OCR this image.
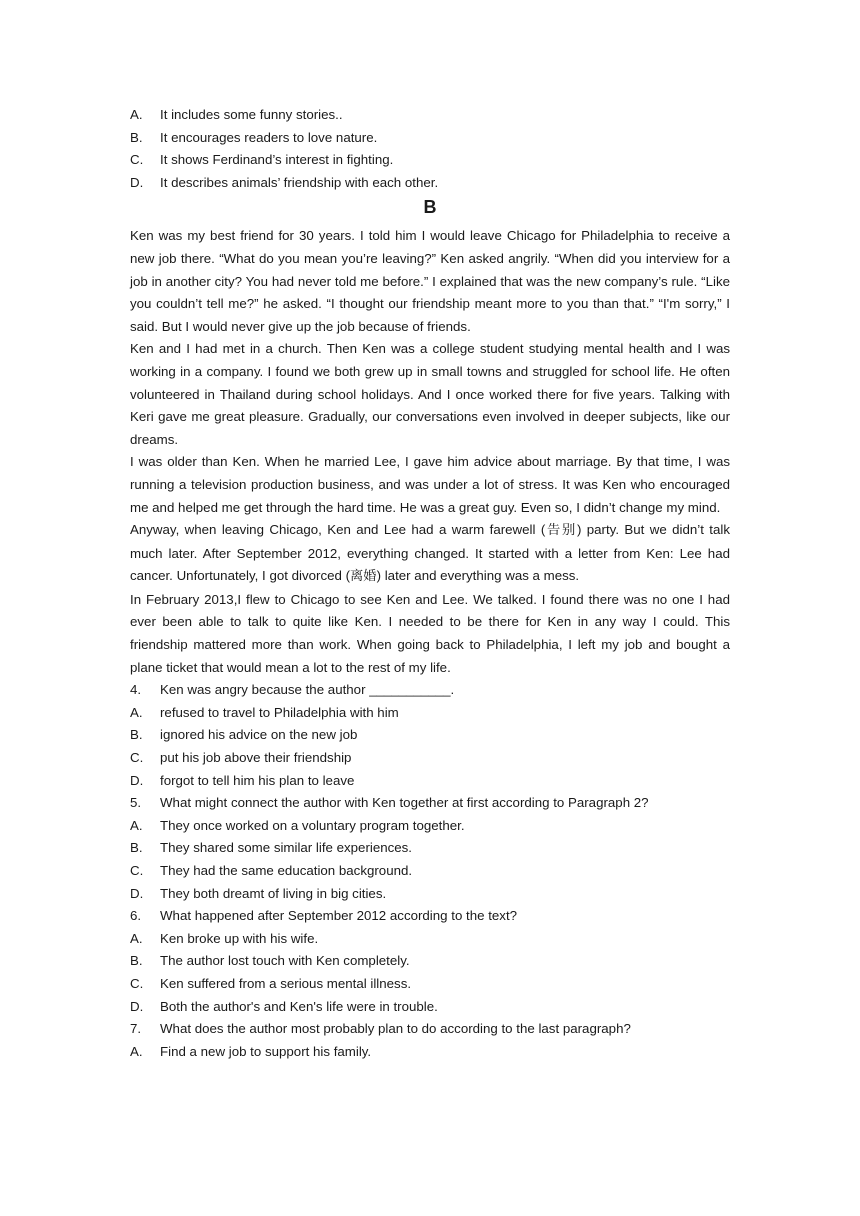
A.	It includes some funny stories..
B.	It encourages readers to love nature.
C.	It shows Ferdinand’s interest in fighting.
D.	It describes animals’ friendship with each other.
B
Ken was my best friend for 30 years. I told him I would leave Chicago for Philadelphia to receive a new job there. “What do you mean you’re leaving?” Ken asked angrily. “When did you interview for a job in another city? You had never told me before.” I explained that was the new company’s rule. “Like you couldn’t tell me?” he asked. “I thought our friendship meant more to you than that.” “I'm sorry,” I said. But I would never give up the job because of friends.
Ken and I had met in a church. Then Ken was a college student studying mental health and I was working in a company. I found we both grew up in small towns and struggled for school life. He often volunteered in Thailand during school holidays. And I once worked there for five years. Talking with Keri gave me great pleasure. Gradually, our conversations even involved in deeper subjects, like our dreams.
I was older than Ken. When he married Lee, I gave him advice about marriage. By that time, I was running a television production business, and was under a lot of stress. It was Ken who encouraged me and helped me get through the hard time. He was a great guy. Even so, I didn’t change my mind.
Anyway, when leaving Chicago, Ken and Lee had a warm farewell (告别) party. But we didn’t talk much later. After September 2012, everything changed. It started with a letter from Ken: Lee had cancer. Unfortunately, I got divorced (离婚) later and everything was a mess.
In February 2013,I flew to Chicago to see Ken and Lee. We talked. I found there was no one I had ever been able to talk to quite like Ken. I needed to be there for Ken in any way I could. This friendship mattered more than work. When going back to Philadelphia, I left my job and bought a plane ticket that would mean a lot to the rest of my life.
4.	Ken was angry because the author ___________.
A.	refused to travel to Philadelphia with him
B.	ignored his advice on the new job
C.	put his job above their friendship
D.	forgot to tell him his plan to leave
5.	What might connect the author with Ken together at first according to Paragraph 2?
A.	They once worked on a voluntary program together.
B.	They shared some similar life experiences.
C.	They had the same education background.
D.	They both dreamt of living in big cities.
6.	What happened after September 2012 according to the text?
A.	Ken broke up with his wife.
B.	The author lost touch with Ken completely.
C.	Ken suffered from a serious mental illness.
D.	Both the author's and Ken's life were in trouble.
7.	What does the author most probably plan to do according to the last paragraph?
A.	Find a new job to support his family.
